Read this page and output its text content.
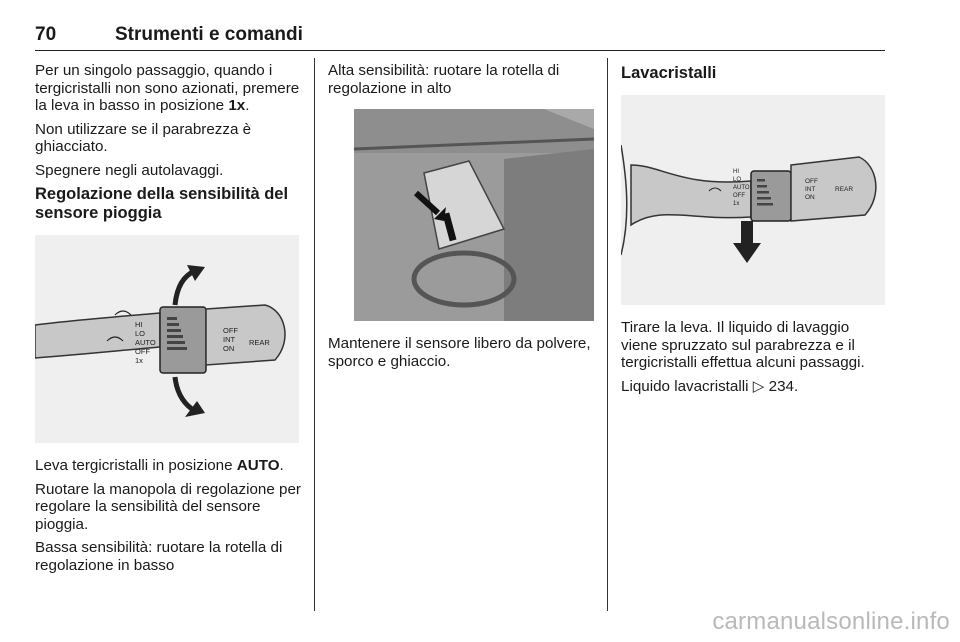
70	Strumenti e comandi

Per un singolo passaggio, quando i tergicristalli non sono azionati, premere la leva in basso in posizione 1x.

Non utilizzare se il parabrezza è ghiacciato.

Spegnere negli autolavaggi.

Regolazione della sensibilità del sensore pioggia
HI
LO
AUTO
OFF
1x
OFF
INT
ON
REAR

Leva tergicristalli in posizione AUTO.

Ruotare la manopola di regolazione per regolare la sensibilità del sensore pioggia.

Bassa sensibilità: ruotare la rotella di regolazione in basso

Alta sensibilità: ruotare la rotella di regolazione in alto

Mantenere il sensore libero da polvere, sporco e ghiaccio.

Lavacristalli
HI
LO
AUTO
OFF
1x
OFF
INT
ON
REAR

Tirare la leva. Il liquido di lavaggio viene spruzzato sul parabrezza e il tergicristalli effettua alcuni passaggi.

Liquido lavacristalli ▷ 234.

carmanualsonline.info
